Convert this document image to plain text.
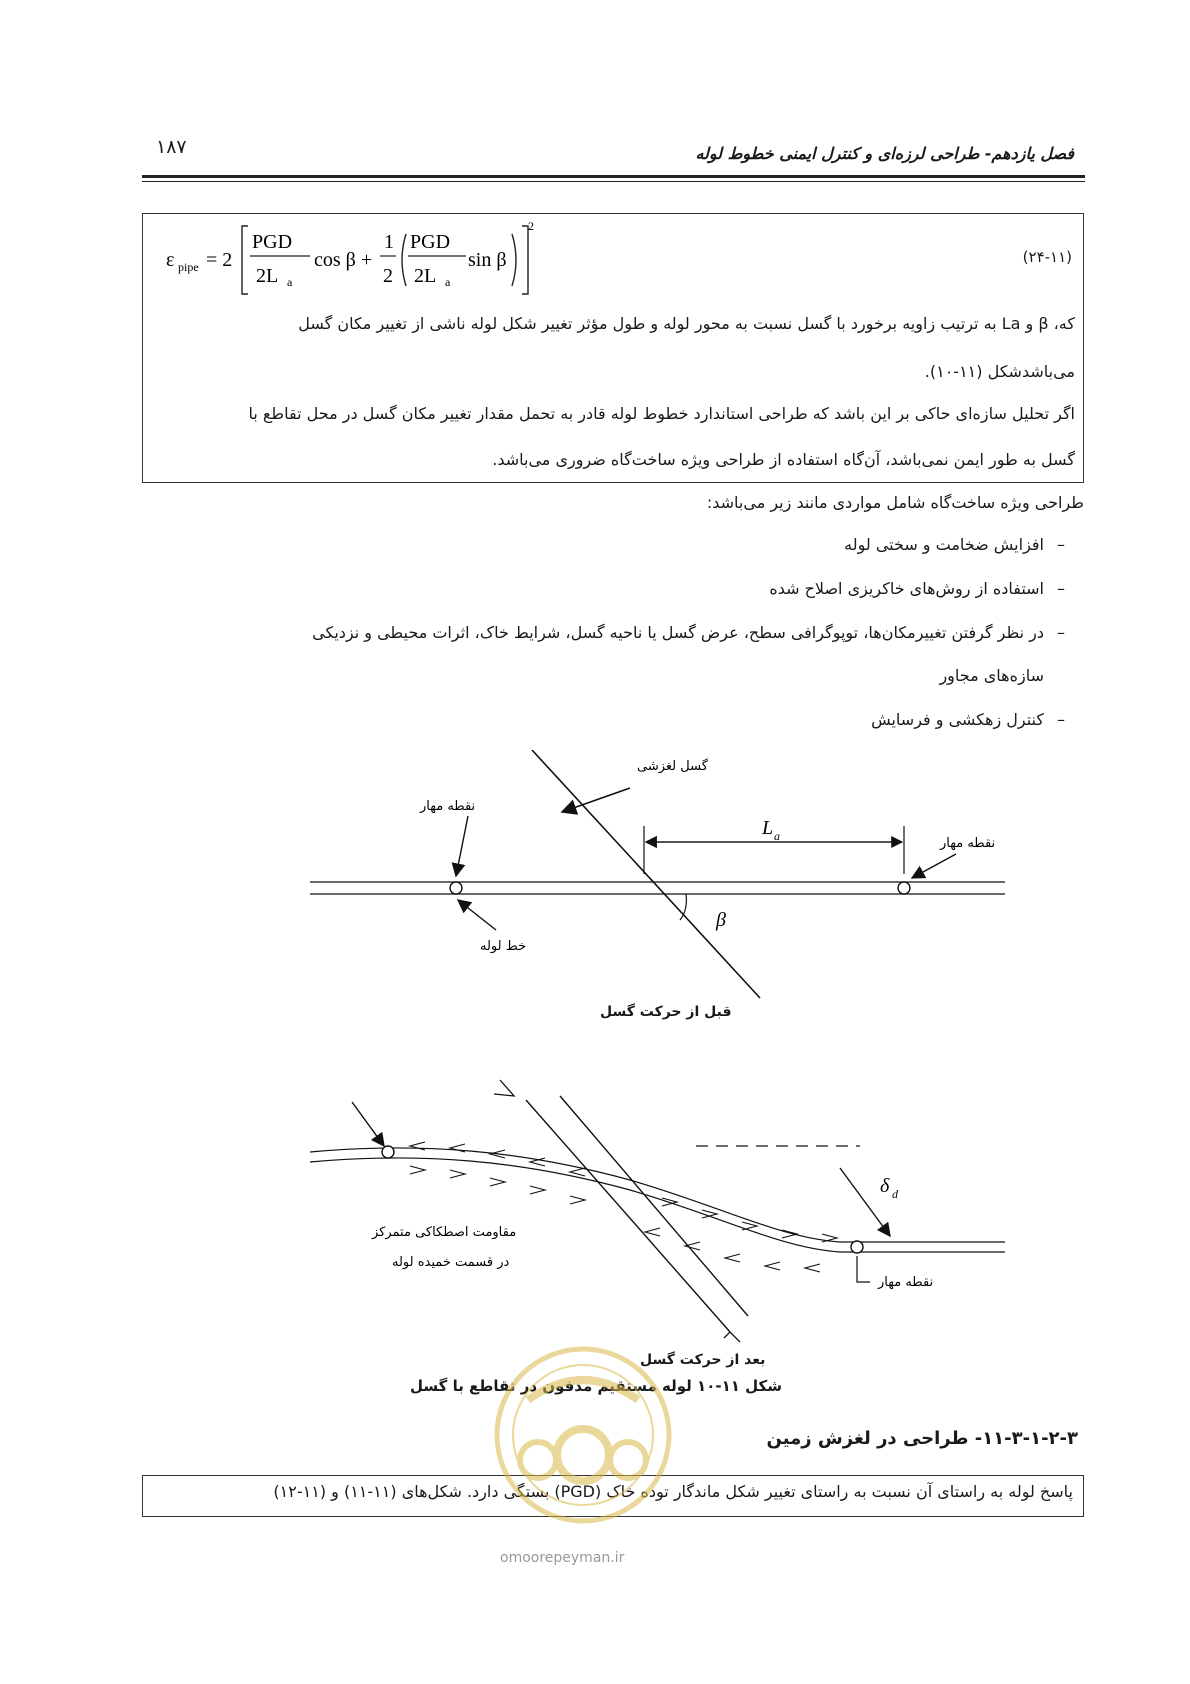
۱۸۷	فصل یازدهم- طراحی لرزه‌ای و کنترل ایمنی خطوط لوله
ε pipe = 2
PGD
2L a
cos β +
1
2
PGD
2L a
sin β
2
(۲۴-۱۱)
که، β و La به ترتیب زاویه برخورد با گسل نسبت به محور لوله و طول مؤثر تغییر شکل لوله ناشی از تغییر مکان گسل
می‌باشدشکل (۱۱-۱۰).
اگر تحلیل سازه‌ای حاکی بر این باشد که طراحی استاندارد خطوط لوله قادر به تحمل مقدار تغییر مکان گسل در محل تقاطع با
گسل به طور ایمن نمی‌باشد، آن‌گاه استفاده از طراحی ویژه ساخت‌گاه ضروری می‌باشد.
طراحی ویژه ساخت‌گاه شامل مواردی مانند زیر می‌باشد:
–افزایش ضخامت و سختی لوله
–استفاده از روش‌های خاکریزی اصلاح شده
–در نظر گرفتن تغییرمکان‌ها، توپوگرافی سطح، عرض گسل یا ناحیه گسل، شرایط خاک، اثرات محیطی و نزدیکی
سازه‌های مجاور
–کنترل زهکشی و فرسایش
گسل لغزشی
نقطه مهار
نقطه مهار
خط لوله
L a
β
قبل از حرکت گسل
δ d
مقاومت اصطکاکی متمرکز
در قسمت خمیده لوله
نقطه مهار
بعد از حرکت گسل
شکل ۱۱-۱۰ لوله مستقیم مدفون در تقاطع با گسل
۱۱-۳-۱-۲-۳- طراحی در لغزش زمین
پاسخ لوله به راستای آن نسبت به راستای تغییر شکل ماندگار توده خاک (PGD) بستگی دارد. شکل‌های (۱۱-۱۱) و (۱۱-۱۲)
omoorepeyman.ir
